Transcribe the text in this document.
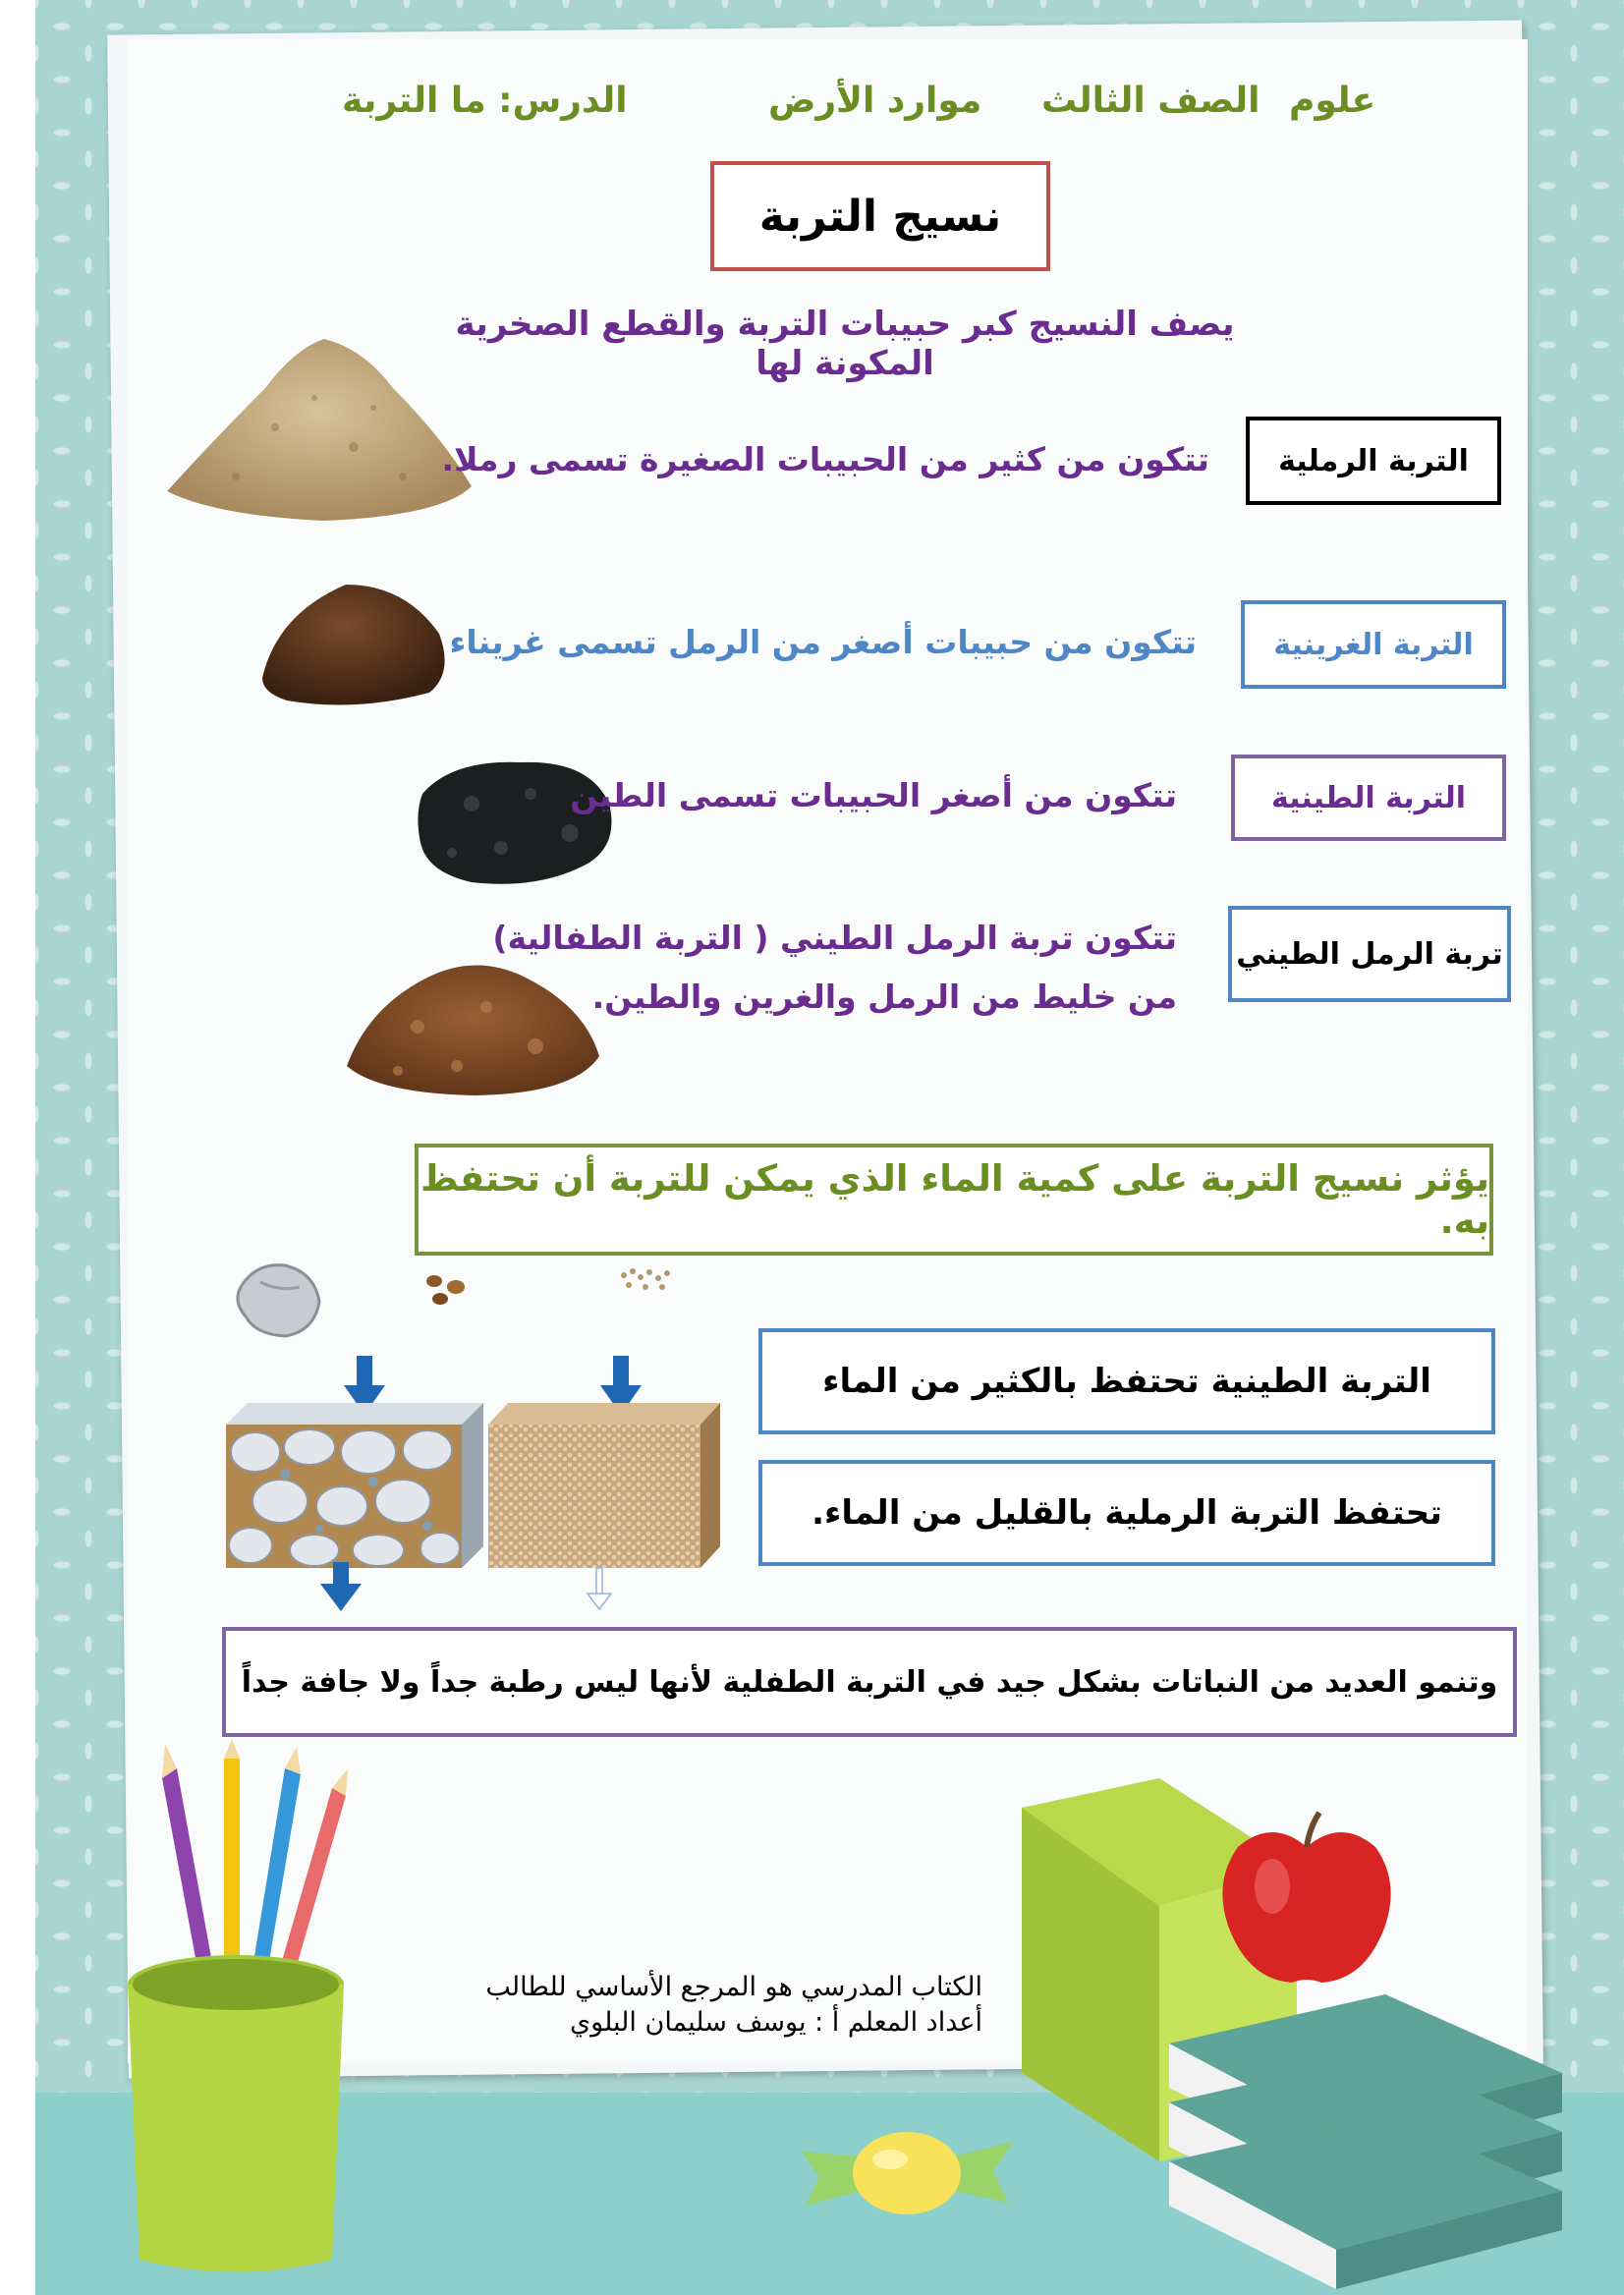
علوم
الصف الثالث
موارد الأرض
الدرس: ما التربة
نسيج التربة
يصف النسيج كبر حبيبات التربة والقطع الصخرية المكونة لها
التربة الرملية
تتكون من كثير من الحبيبات الصغيرة تسمى رملا.
التربة الغرينية
تتكون من حبيبات أصغر من الرمل تسمى غريناء
التربة الطينية
تتكون من أصغر الحبيبات تسمى الطين
تربة الرمل الطيني
تتكون تربة الرمل الطيني ( التربة الطفالية)
من خليط من الرمل والغرين والطين.
يؤثر نسيج التربة على كمية الماء الذي يمكن للتربة أن تحتفظ به.
التربة الطينية تحتفظ بالكثير من الماء
تحتفظ التربة الرملية بالقليل من الماء.
وتنمو العديد من النباتات بشكل جيد في التربة الطفلية لأنها ليس رطبة جداً ولا جافة جداً
الكتاب المدرسي هو المرجع الأساسي للطالب
أعداد المعلم أ : يوسف سليمان البلوي
